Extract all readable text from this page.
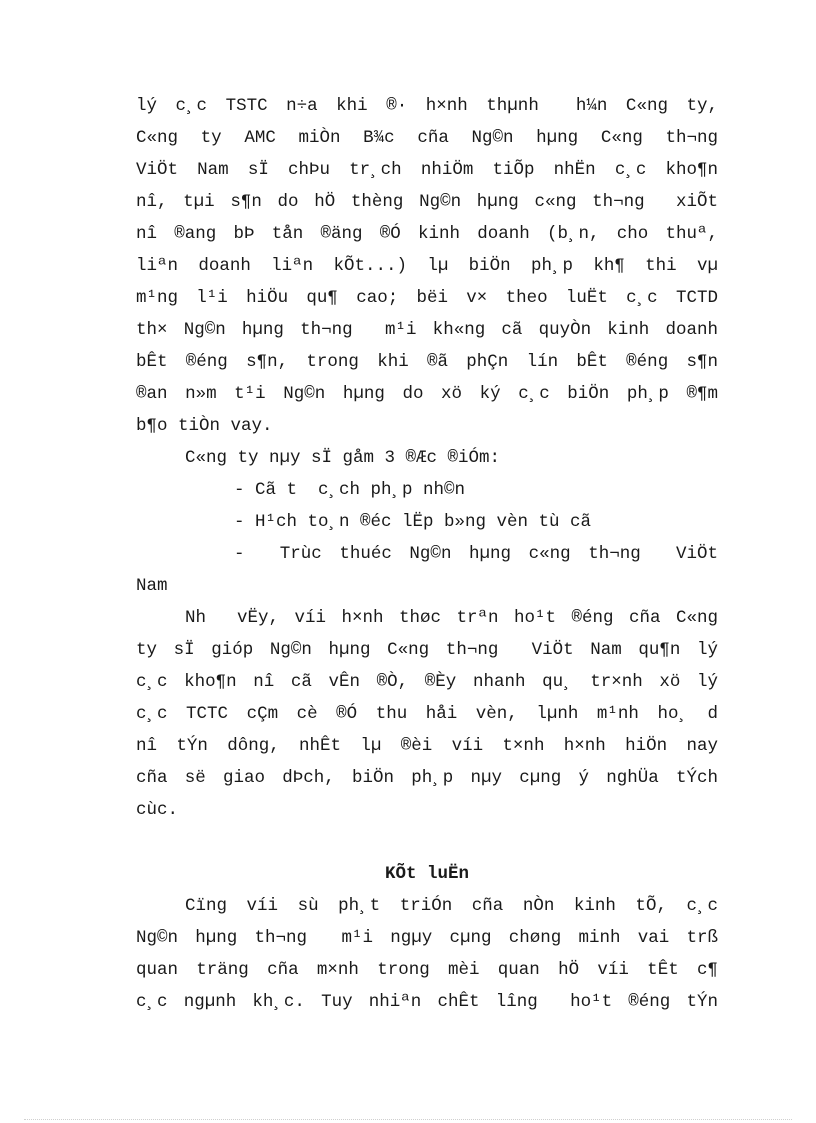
lý c¸c TSTC n÷a khi ®· h×nh thµnh  h¼n C«ng ty,
C«ng ty AMC miÒn B¾c cña Ng©n hµng C«ng th¬ng
ViÖt Nam sÏ chÞu tr¸ch nhiÖm tiÕp nhËn c¸c kho¶n
nî, tµi s¶n do hÖ thèng Ng©n hµng c«ng th¬ng  xiÕt
nî ®ang bÞ tån ®äng ®Ó kinh doanh (b¸n, cho thuª,
liªn doanh liªn kÕt...) lµ biÖn ph¸p kh¶ thi vµ
m¹ng l¹i hiÖu qu¶ cao; bëi v× theo luËt c¸c TCTD
th× Ng©n hµng th¬ng  m¹i kh«ng cã quyÒn kinh doanh
bÊt ®éng s¶n, trong khi ®ã phÇn lín bÊt ®éng s¶n
®an n»m t¹i Ng©n hµng do xö ký c¸c biÖn ph¸p ®¶m
b¶o tiÒn vay.
C«ng ty nµy sÏ gåm 3 ®Æc ®iÓm:
- Cã t  c¸ch ph¸p nh©n
- H¹ch to¸n ®éc lËp b»ng vèn tù cã
-  Trùc thuéc Ng©n hµng c«ng th¬ng  ViÖt
Nam
Nh  vËy, víi h×nh thøc trªn ho¹t ®éng cña C«ng
ty sÏ gióp Ng©n hµng C«ng th¬ng  ViÖt Nam qu¶n lý
c¸c kho¶n nî cã vÊn ®Ò, ®Èy nhanh qu¸ tr×nh xö lý
c¸c TCTC cÇm cè ®Ó thu håi vèn, lµnh m¹nh ho¸ d
nî tÝn dông, nhÊt lµ ®èi víi t×nh h×nh hiÖn nay
cña së giao dÞch, biÖn ph¸p nµy cµng ý nghÜa tÝch
cùc.
KÕt luËn
Cïng víi sù ph¸t triÓn cña nÒn kinh tÕ, c¸c
Ng©n hµng th¬ng  m¹i ngµy cµng chøng minh vai trß
quan träng cña m×nh trong mèi quan hÖ víi tÊt c¶
c¸c ngµnh kh¸c. Tuy nhiªn chÊt lîng  ho¹t ®éng tÝn
